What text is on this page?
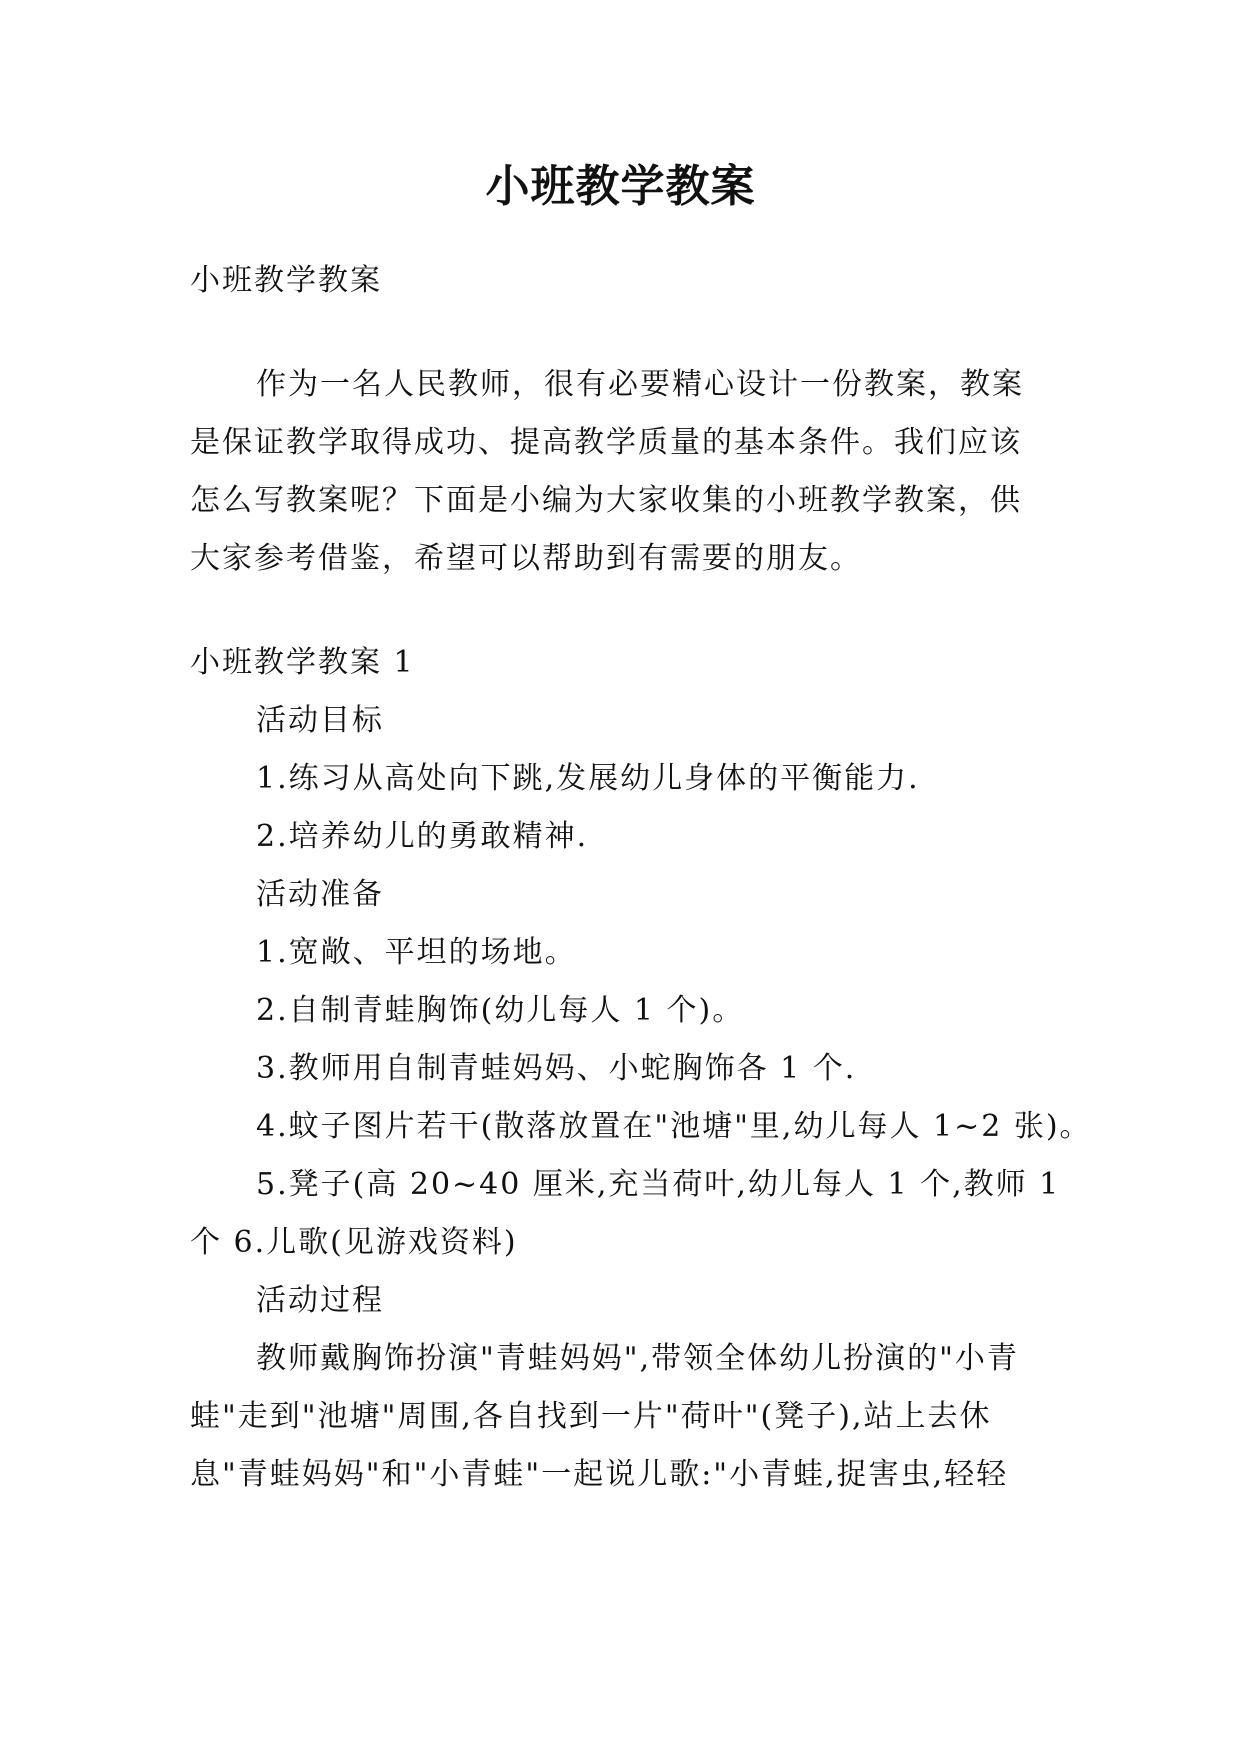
小班教学教案

小班教学教案

作为一名人民教师，很有必要精心设计一份教案，教案

是保证教学取得成功、提高教学质量的基本条件。我们应该

怎么写教案呢？下面是小编为大家收集的小班教学教案，供

大家参考借鉴，希望可以帮助到有需要的朋友。

小班教学教案 1

活动目标

1.练习从高处向下跳,发展幼儿身体的平衡能力.

2.培养幼儿的勇敢精神.

活动准备

1.宽敞、平坦的场地。

2.自制青蛙胸饰(幼儿每人 1 个)。

3.教师用自制青蛙妈妈、小蛇胸饰各 1 个.

4.蚊子图片若干(散落放置在"池塘"里,幼儿每人 1~2 张)。

5.凳子(高 20~40 厘米,充当荷叶,幼儿每人 1 个,教师 1

个 6.儿歌(见游戏资料)

活动过程

教师戴胸饰扮演"青蛙妈妈",带领全体幼儿扮演的"小青

蛙"走到"池塘"周围,各自找到一片"荷叶"(凳子),站上去休

息"青蛙妈妈"和"小青蛙"一起说儿歌:"小青蛙,捉害虫,轻轻
